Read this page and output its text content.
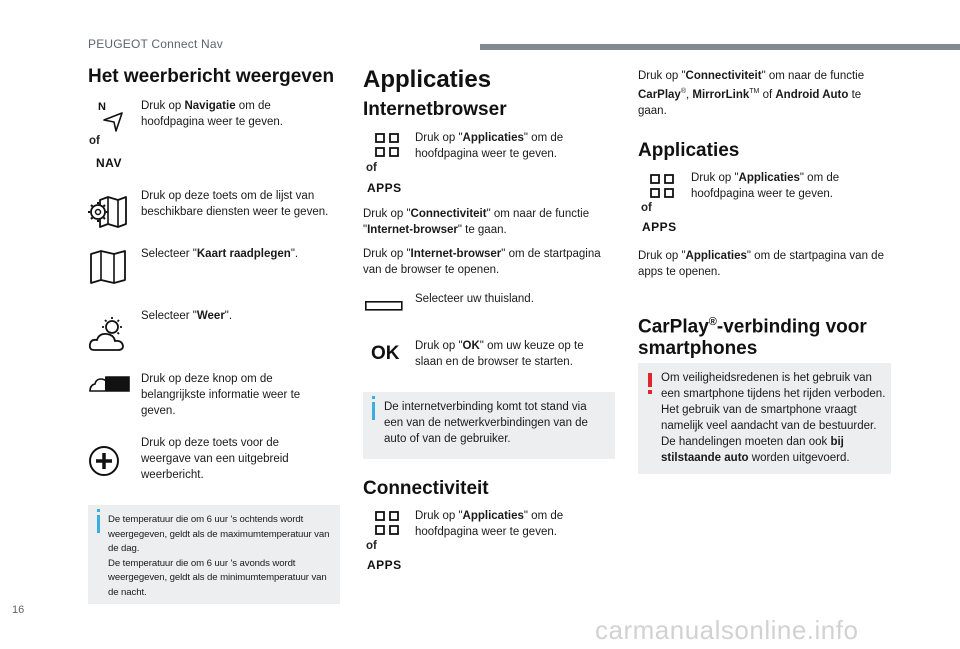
PEUGEOT Connect Nav
Het weerbericht weergeven
N
of
NAV
Druk op Navigatie om de hoofdpagina weer te geven.
Druk op deze toets om de lijst van beschikbare diensten weer te geven.
Selecteer "Kaart raadplegen".
Selecteer "Weer".
Druk op deze knop om de belangrijkste informatie weer te geven.
Druk op deze toets voor de weergave van een uitgebreid weerbericht.
De temperatuur die om 6 uur 's ochtends wordt weergegeven, geldt als de maximumtemperatuur van de dag.
De temperatuur die om 6 uur 's avonds wordt weergegeven, geldt als de minimumtemperatuur van de nacht.
Applicaties
Internetbrowser
of
APPS
Druk op "Applicaties" om de hoofdpagina weer te geven.
Druk op "Connectiviteit" om naar de functie "Internet-browser" te gaan.
Druk op "Internet-browser" om de startpagina van de browser te openen.
Selecteer uw thuisland.
OK Druk op "OK" om uw keuze op te slaan en de browser te starten.
De internetverbinding komt tot stand via een van de netwerkverbindingen van de auto of van de gebruiker.
Connectiviteit
of
APPS
Druk op "Applicaties" om de hoofdpagina weer te geven.
Druk op "Connectiviteit" om naar de functie CarPlay®, MirrorLink™ of Android Auto te gaan.
Applicaties
of
APPS
Druk op "Applicaties" om de hoofdpagina weer te geven.
Druk op "Applicaties" om de startpagina van de apps te openen.
CarPlay®-verbinding voor
smartphones
Om veiligheidsredenen is het gebruik van een smartphone tijdens het rijden verboden. Het gebruik van de smartphone vraagt namelijk veel aandacht van de bestuurder. De handelingen moeten dan ook bij stilstaande auto worden uitgevoerd.
16
carmanualsonline.info
